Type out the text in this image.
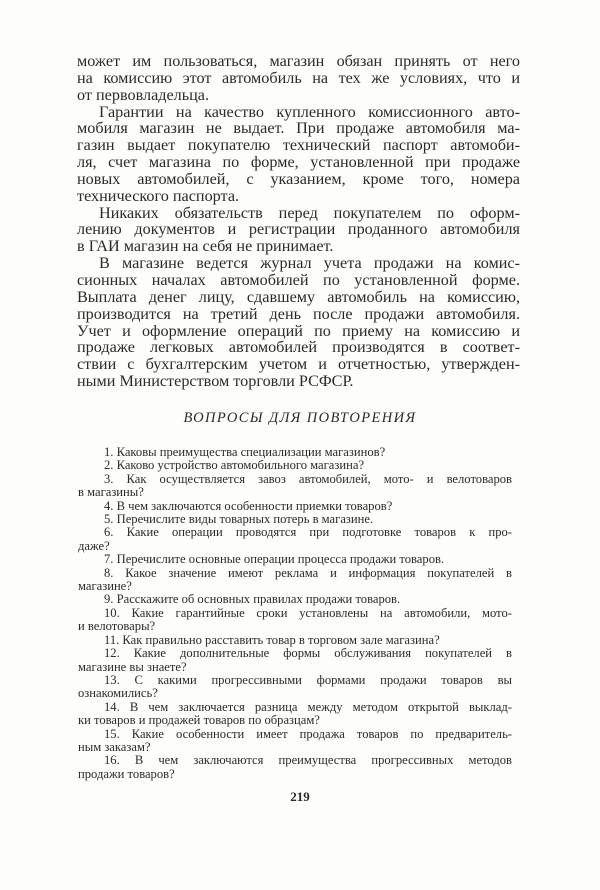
может им пользоваться, магазин обязан принять от него
на комиссию этот автомобиль на тех же условиях, что и
от первовладельца.
Гарантии на качество купленного комиссионного авто-
мобиля магазин не выдает. При продаже автомобиля ма-
газин выдает покупателю технический паспорт автомоби-
ля, счет магазина по форме, установленной при продаже
новых автомобилей, с указанием, кроме того, номера
технического паспорта.
Никаких обязательств перед покупателем по оформ-
лению документов и регистрации проданного автомобиля
в ГАИ магазин на себя не принимает.
В магазине ведется журнал учета продажи на комис-
сионных началах автомобилей по установленной форме.
Выплата денег лицу, сдавшему автомобиль на комиссию,
производится на третий день после продажи автомобиля.
Учет и оформление операций по приему на комиссию и
продаже легковых автомобилей производятся в соответ-
ствии с бухгалтерским учетом и отчетностью, утвержден-
ными Министерством торговли РСФСР.
ВОПРОСЫ ДЛЯ ПОВТОРЕНИЯ
1. Каковы преимущества специализации магазинов?
2. Каково устройство автомобильного магазина?
3. Как осуществляется завоз автомобилей, мото- и велотоваров
в магазины?
4. В чем заключаются особенности приемки товаров?
5. Перечислите виды товарных потерь в магазине.
6. Какие операции проводятся при подготовке товаров к про-
даже?
7. Перечислите основные операции процесса продажи товаров.
8. Какое значение имеют реклама и информация покупателей в
магазине?
9. Расскажите об основных правилах продажи товаров.
10. Какие гарантийные сроки установлены на автомобили, мото-
и велотовары?
11. Как правильно расставить товар в торговом зале магазина?
12. Какие дополнительные формы обслуживания покупателей в
магазине вы знаете?
13. С какими прогрессивными формами продажи товаров вы
ознакомились?
14. В чем заключается разница между методом открытой выклад-
ки товаров и продажей товаров по образцам?
15. Какие особенности имеет продажа товаров по предваритель-
ным заказам?
16. В чем заключаются преимущества прогрессивных методов
продажи товаров?
219
